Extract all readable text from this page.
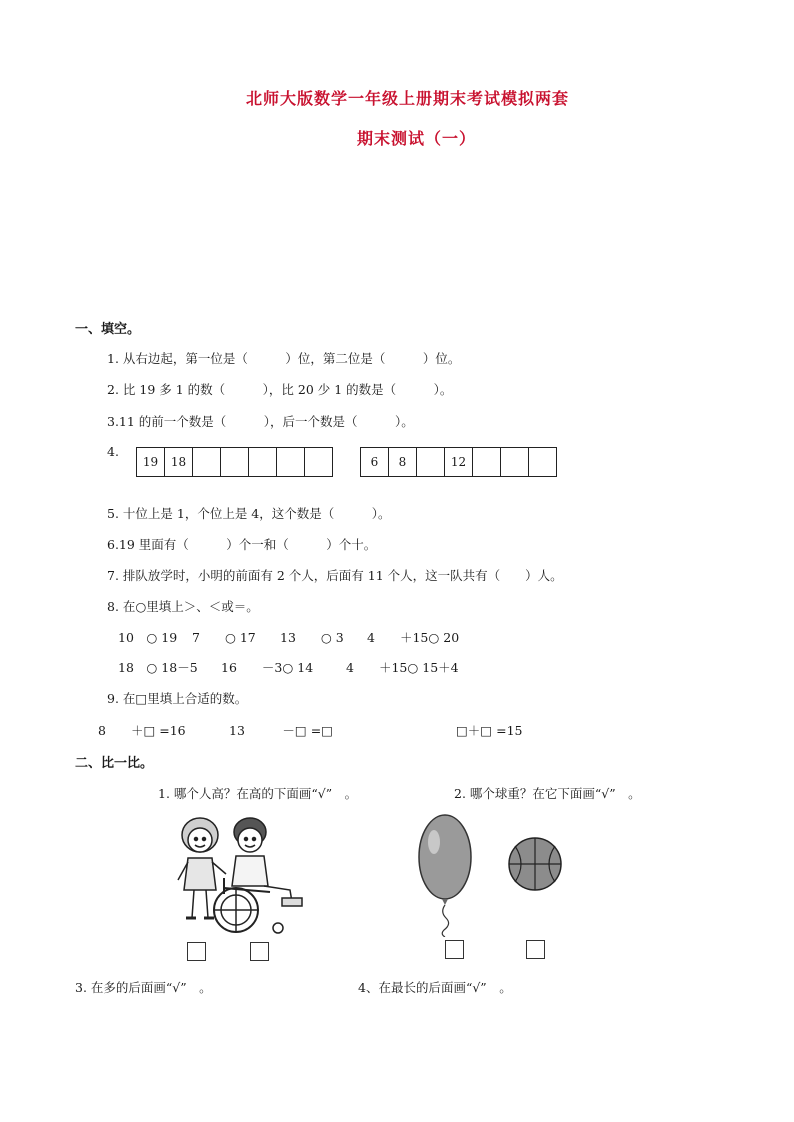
北师大版数学一年级上册期末考试模拟两套
期末测试（一）
一、填空。
1. 从右边起，第一位是（　　　）位，第二位是（　　　）位。
2. 比 19 多 1 的数（　　　），比 20 少 1 的数是（　　　）。
3.11 的前一个数是（　　　），后一个数是（　　　）。
4.
19	18						6	8		12			
5. 十位上是 1，个位上是 4，这个数是（　　　）。
6.19 里面有（　　　）个一和（　　　）个十。
7. 排队放学时，小明的前面有 2 个人，后面有 11 个人，这一队共有（　　）人。
8. 在○里填上＞、＜或＝。
10　○ 19 7　　○ 17 13　　○ 3 4　　＋15○ 20
18　○ 18－5 16　　－3○ 14	4　　＋15○ 15＋4
9. 在□里填上合适的数。
8　　＋□ =16	13　　　－□ =□	□＋□ =15
二、比一比。
1. 哪个人高？在高的下面画“√”　。	2. 哪个球重？在它下面画“√”　。
3. 在多的后面画“√”　。	4、在最长的后面画“√”　。
